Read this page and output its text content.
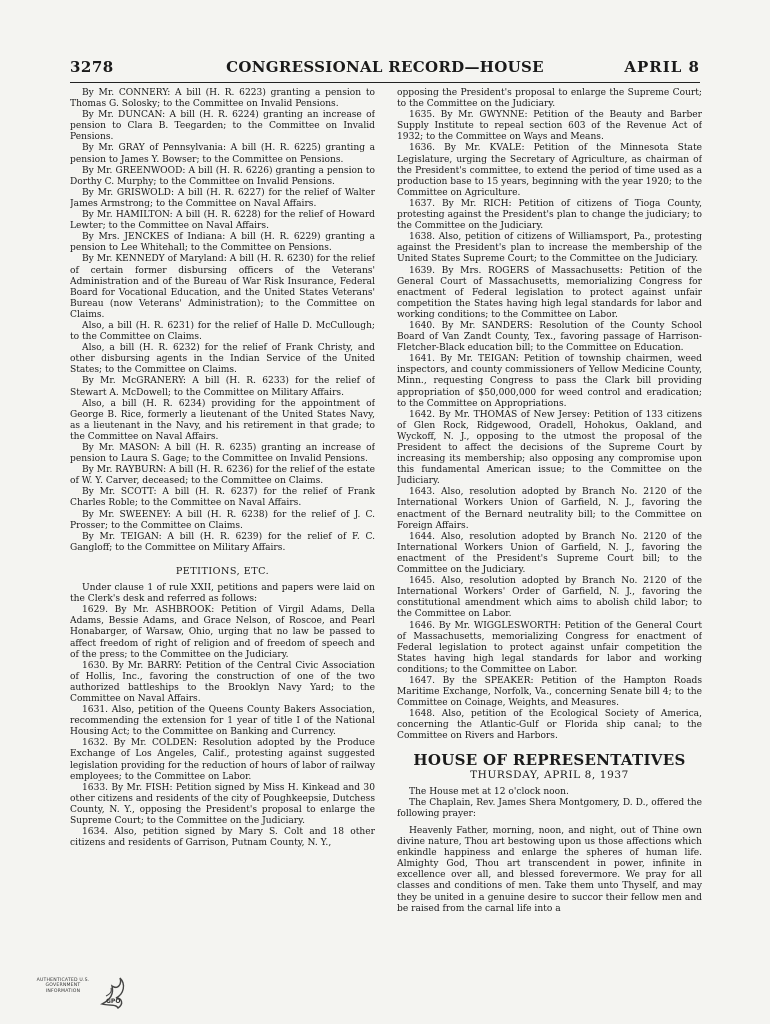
3278	CONGRESSIONAL RECORD—HOUSE	APRIL 8

By Mr. CONNERY: A bill (H. R. 6223) granting a pension to Thomas G. Solosky; to the Committee on Invalid Pensions.

By Mr. DUNCAN: A bill (H. R. 6224) granting an increase of pension to Clara B. Teegarden; to the Committee on Invalid Pensions.

By Mr. GRAY of Pennsylvania: A bill (H. R. 6225) granting a pension to James Y. Bowser; to the Committee on Pensions.

By Mr. GREENWOOD: A bill (H. R. 6226) granting a pension to Dorthy C. Murphy; to the Committee on Invalid Pensions.

By Mr. GRISWOLD: A bill (H. R. 6227) for the relief of Walter James Armstrong; to the Committee on Naval Affairs.

By Mr. HAMILTON: A bill (H. R. 6228) for the relief of Howard Lewter; to the Committee on Naval Affairs.

By Mrs. JENCKES of Indiana: A bill (H. R. 6229) granting a pension to Lee Whitehall; to the Committee on Pensions.

By Mr. KENNEDY of Maryland: A bill (H. R. 6230) for the relief of certain former disbursing officers of the Veterans' Administration and of the Bureau of War Risk Insurance, Federal Board for Vocational Education, and the United States Veterans' Bureau (now Veterans' Administration); to the Committee on Claims.

Also, a bill (H. R. 6231) for the relief of Halle D. McCullough; to the Committee on Claims.

Also, a bill (H. R. 6232) for the relief of Frank Christy, and other disbursing agents in the Indian Service of the United States; to the Committee on Claims.

By Mr. McGRANERY: A bill (H. R. 6233) for the relief of Stewart A. McDowell; to the Committee on Military Affairs.

Also, a bill (H. R. 6234) providing for the appointment of George B. Rice, formerly a lieutenant of the United States Navy, as a lieutenant in the Navy, and his retirement in that grade; to the Committee on Naval Affairs.

By Mr. MASON: A bill (H. R. 6235) granting an increase of pension to Laura S. Gage; to the Committee on Invalid Pensions.

By Mr. RAYBURN: A bill (H. R. 6236) for the relief of the estate of W. Y. Carver, deceased; to the Committee on Claims.

By Mr. SCOTT: A bill (H. R. 6237) for the relief of Frank Charles Roble; to the Committee on Naval Affairs.

By Mr. SWEENEY: A bill (H. R. 6238) for the relief of J. C. Prosser; to the Committee on Claims.

By Mr. TEIGAN: A bill (H. R. 6239) for the relief of F. C. Gangloff; to the Committee on Military Affairs.

PETITIONS, ETC.

Under clause 1 of rule XXII, petitions and papers were laid on the Clerk's desk and referred as follows:

1629. By Mr. ASHBROOK: Petition of Virgil Adams, Della Adams, Bessie Adams, and Grace Nelson, of Roscoe, and Pearl Honabarger, of Warsaw, Ohio, urging that no law be passed to affect freedom of right of religion and of freedom of speech and of the press; to the Committee on the Judiciary.

1630. By Mr. BARRY: Petition of the Central Civic Association of Hollis, Inc., favoring the construction of one of the two authorized battleships to the Brooklyn Navy Yard; to the Committee on Naval Affairs.

1631. Also, petition of the Queens County Bakers Association, recommending the extension for 1 year of title I of the National Housing Act; to the Committee on Banking and Currency.

1632. By Mr. COLDEN: Resolution adopted by the Produce Exchange of Los Angeles, Calif., protesting against suggested legislation providing for the reduction of hours of labor of railway employees; to the Committee on Labor.

1633. By Mr. FISH: Petition signed by Miss H. Kinkead and 30 other citizens and residents of the city of Poughkeepsie, Dutchess County, N. Y., opposing the President's proposal to enlarge the Supreme Court; to the Committee on the Judiciary.

1634. Also, petition signed by Mary S. Colt and 18 other citizens and residents of Garrison, Putnam County, N. Y.,

opposing the President's proposal to enlarge the Supreme Court; to the Committee on the Judiciary.

1635. By Mr. GWYNNE: Petition of the Beauty and Barber Supply Institute to repeal section 603 of the Revenue Act of 1932; to the Committee on Ways and Means.

1636. By Mr. KVALE: Petition of the Minnesota State Legislature, urging the Secretary of Agriculture, as chairman of the President's committee, to extend the period of time used as a production base to 15 years, beginning with the year 1920; to the Committee on Agriculture.

1637. By Mr. RICH: Petition of citizens of Tioga County, protesting against the President's plan to change the judiciary; to the Committee on the Judiciary.

1638. Also, petition of citizens of Williamsport, Pa., protesting against the President's plan to increase the membership of the United States Supreme Court; to the Committee on the Judiciary.

1639. By Mrs. ROGERS of Massachusetts: Petition of the General Court of Massachusetts, memorializing Congress for enactment of Federal legislation to protect against unfair competition the States having high legal standards for labor and working conditions; to the Committee on Labor.

1640. By Mr. SANDERS: Resolution of the County School Board of Van Zandt County, Tex., favoring passage of Harrison-Fletcher-Black education bill; to the Committee on Education.

1641. By Mr. TEIGAN: Petition of township chairmen, weed inspectors, and county commissioners of Yellow Medicine County, Minn., requesting Congress to pass the Clark bill providing appropriation of $50,000,000 for weed control and eradication; to the Committee on Appropriations.

1642. By Mr. THOMAS of New Jersey: Petition of 133 citizens of Glen Rock, Ridgewood, Oradell, Hohokus, Oakland, and Wyckoff, N. J., opposing to the utmost the proposal of the President to affect the decisions of the Supreme Court by increasing its membership; also opposing any compromise upon this fundamental American issue; to the Committee on the Judiciary.

1643. Also, resolution adopted by Branch No. 2120 of the International Workers Union of Garfield, N. J., favoring the enactment of the Bernard neutrality bill; to the Committee on Foreign Affairs.

1644. Also, resolution adopted by Branch No. 2120 of the International Workers Union of Garfield, N. J., favoring the enactment of the President's Supreme Court bill; to the Committee on the Judiciary.

1645. Also, resolution adopted by Branch No. 2120 of the International Workers' Order of Garfield, N. J., favoring the constitutional amendment which aims to abolish child labor; to the Committee on Labor.

1646. By Mr. WIGGLESWORTH: Petition of the General Court of Massachusetts, memorializing Congress for enactment of Federal legislation to protect against unfair competition the States having high legal standards for labor and working conditions; to the Committee on Labor.

1647. By the SPEAKER: Petition of the Hampton Roads Maritime Exchange, Norfolk, Va., concerning Senate bill 4; to the Committee on Coinage, Weights, and Measures.

1648. Also, petition of the Ecological Society of America, concerning the Atlantic-Gulf or Florida ship canal; to the Committee on Rivers and Harbors.

HOUSE OF REPRESENTATIVES
THURSDAY, APRIL 8, 1937

The House met at 12 o'clock noon.

The Chaplain, Rev. James Shera Montgomery, D. D., offered the following prayer:

Heavenly Father, morning, noon, and night, out of Thine own divine nature, Thou art bestowing upon us those affections which enkindle happiness and enlarge the spheres of human life. Almighty God, Thou art transcendent in power, infinite in excellence over all, and blessed forevermore. We pray for all classes and conditions of men. Take them unto Thyself, and may they be united in a genuine desire to succor their fellow men and be raised from the carnal life into a

AUTHENTICATED U.S. GOVERNMENT INFORMATION
GPO
